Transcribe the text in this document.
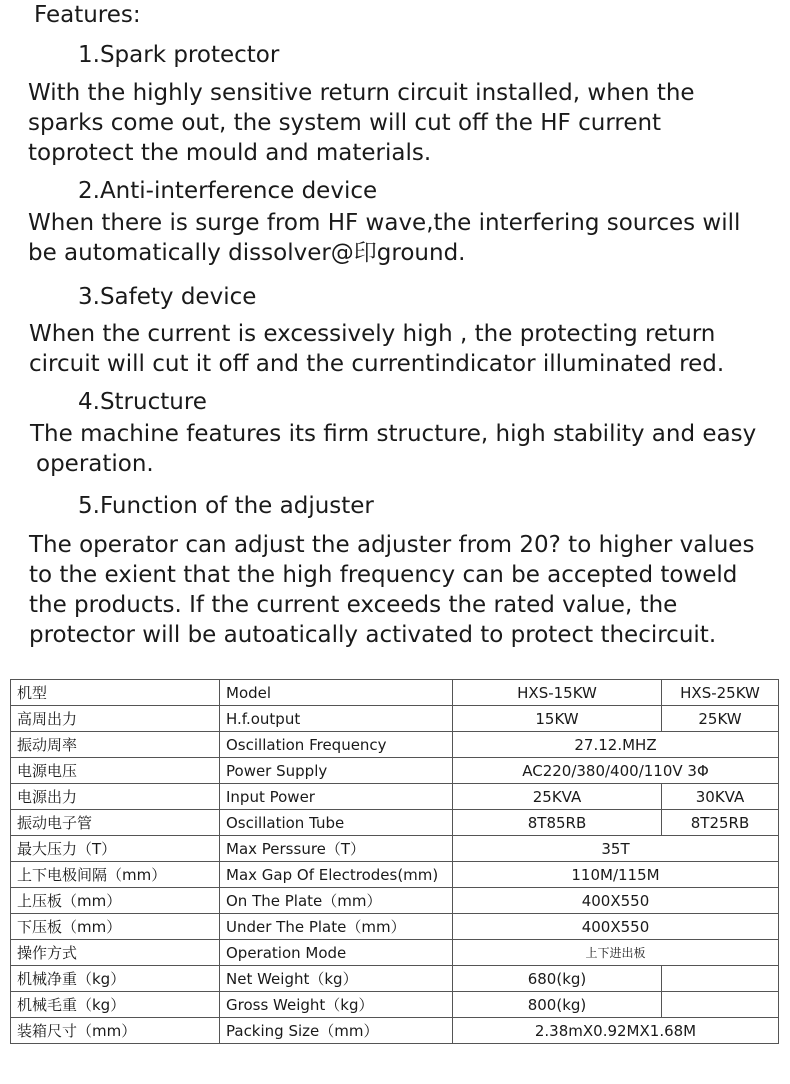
Features:
1.Spark protector
With the highly sensitive return circuit installed, when the
sparks come out, the system will cut off the HF current
toprotect the mould and materials.
2.Anti-interference device
When there is surge from HF wave,the interfering sources will
be automatically dissolver@印ground.
3.Safety device
When the current is excessively high , the protecting return
circuit will cut it off and the currentindicator illuminated red.
4.Structure
The machine features its firm structure, high stability and easy
operation.
5.Function of the adjuster
The operator can adjust the adjuster from 20? to higher values
to the exient that the high frequency can be accepted toweld
the products. If the current exceeds the rated value, the
protector will be autoatically activated to protect thecircuit.
机型	Model	HXS-15KW	HXS-25KW
高周出力	H.f.output	15KW	25KW
振动周率	Oscillation Frequency	27.12.MHZ	
电源电压	Power Supply	AC220/380/400/110V 3Φ	
电源出力	Input Power	25KVA	30KVA
振动电子管	Oscillation Tube	8T85RB	8T25RB
最大压力（T）	Max Perssure（T）	35T	
上下电极间隔（mm）	Max Gap Of Electrodes(mm)	110M/115M	
上压板（mm）	On The Plate（mm）	400X550	
下压板（mm）	Under The Plate（mm）	400X550	
操作方式	Operation Mode	上下进出板	
机械净重（kg）	Net Weight（kg）	680(kg)	
机械毛重（kg）	Gross Weight（kg）	800(kg)	
装箱尺寸（mm）	Packing Size（mm）	2.38mX0.92MX1.68M	
